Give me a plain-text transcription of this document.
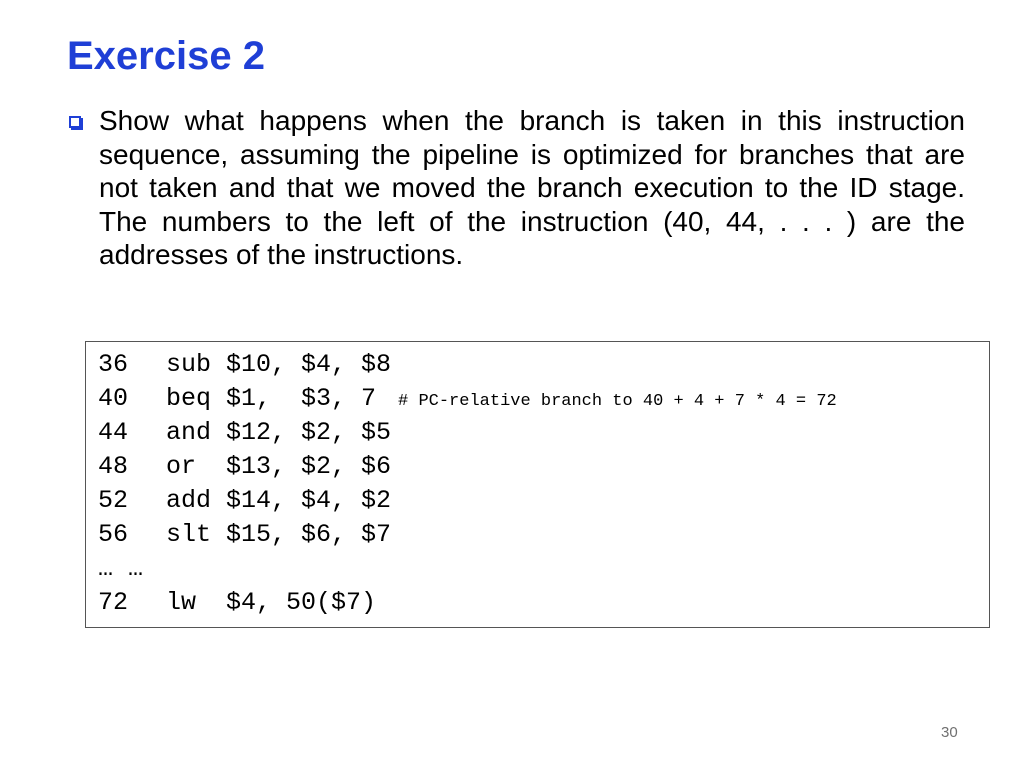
Exercise 2

Show what happens when the branch is taken in this instruction sequence, assuming the pipeline is optimized for branches that are not taken and that we moved the branch execution to the ID stage. The numbers to the left of the instruction (40, 44, . . . ) are the addresses of the instructions.

36 sub $10, $4, $8
40 beq $1,  $3, 7 # PC-relative branch to 40 + 4 + 7 * 4 = 72
44 and $12, $2, $5
48 or  $13, $2, $6
52 add $14, $4, $2
56 slt $15, $6, $7
… …
72 lw  $4, 50($7)
30
